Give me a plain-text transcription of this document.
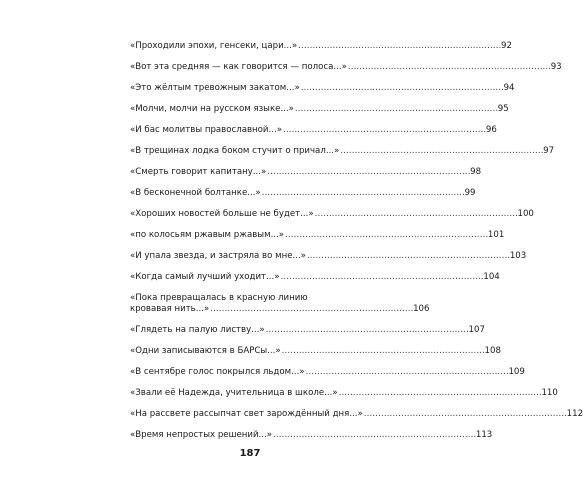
«Проходили эпохи, генсеки, цари...» . . .	92
«Вот эта средняя — как говорится — полоса...» . . .	93
«Это жёлтым тревожным закатом...» . . .	94
«Молчи, молчи на русском языке...» . . .	95
«И бас молитвы православной...» . . .	96
«В трещинах лодка боком стучит о причал...» . . .	97
«Смерть говорит капитану...» . . .	98
«В бесконечной болтанке...» . . .	99
«Хороших новостей больше не будет...» . . .	100
«по колосьям ржавым ржавым...» . . .	101
«И упала звезда, и застряла во мне...» . . .	103
«Когда самый лучший уходит...» . . .	104
«Пока превращалась в красную линию
кровавая нить...» . . .	106
«Глядеть на палую листву...» . . .	107
«Одни записываются в БАРСы...» . . .	108
«В сентябре голос покрылся льдом...» . . .	109
«Звали её Надежда, учительница в школе...» . . .	110
«На рассвете рассыпчат свет зарождённый дня...» . . .	112
«Время непростых решений...» . . .	113
187
